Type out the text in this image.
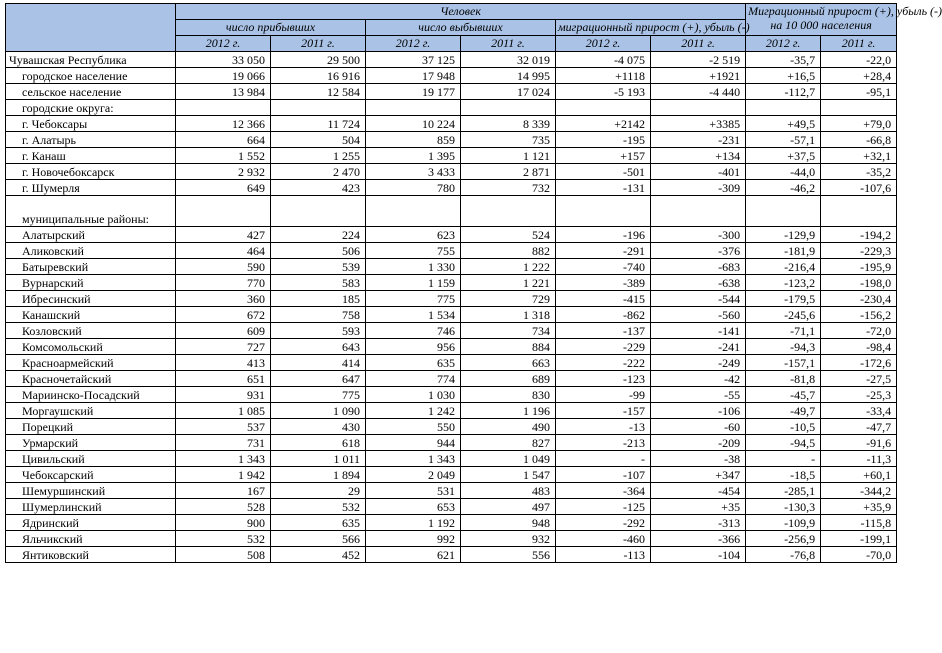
	Человек						Миграционный прирост (+), убыль (-)
на 10 000 населения	
	число прибывших		число выбывших		миграционный прирост (+), убыль (-)			
	2012 г.	2011 г.	2012 г.	2011 г.	2012 г.	2011 г.	2012 г.	2011 г.
Чувашская Республика	33 050	29 500	37 125	32 019	-4 075	-2 519	-35,7	-22,0
городское население	19 066	16 916	17 948	14 995	+1118	+1921	+16,5	+28,4
сельское население	13 984	12 584	19 177	17 024	-5 193	-4 440	-112,7	-95,1
городские округа:								
г. Чебоксары	12 366	11 724	10 224	8 339	+2142	+3385	+49,5	+79,0
г. Алатырь	664	504	859	735	-195	-231	-57,1	-66,8
г. Канаш	1 552	1 255	1 395	1 121	+157	+134	+37,5	+32,1
г. Новочебоксарск	2 932	2 470	3 433	2 871	-501	-401	-44,0	-35,2
г. Шумерля	649	423	780	732	-131	-309	-46,2	-107,6
муниципальные районы:								
Алатырский	427	224	623	524	-196	-300	-129,9	-194,2
Аликовский	464	506	755	882	-291	-376	-181,9	-229,3
Батыревский	590	539	1 330	1 222	-740	-683	-216,4	-195,9
Вурнарский	770	583	1 159	1 221	-389	-638	-123,2	-198,0
Ибресинский	360	185	775	729	-415	-544	-179,5	-230,4
Канашский	672	758	1 534	1 318	-862	-560	-245,6	-156,2
Козловский	609	593	746	734	-137	-141	-71,1	-72,0
Комсомольский	727	643	956	884	-229	-241	-94,3	-98,4
Красноармейский	413	414	635	663	-222	-249	-157,1	-172,6
Красночетайский	651	647	774	689	-123	-42	-81,8	-27,5
Мариинско-Посадский	931	775	1 030	830	-99	-55	-45,7	-25,3
Моргаушский	1 085	1 090	1 242	1 196	-157	-106	-49,7	-33,4
Порецкий	537	430	550	490	-13	-60	-10,5	-47,7
Урмарский	731	618	944	827	-213	-209	-94,5	-91,6
Цивильский	1 343	1 011	1 343	1 049	-	-38	-	-11,3
Чебоксарский	1 942	1 894	2 049	1 547	-107	+347	-18,5	+60,1
Шемуршинский	167	29	531	483	-364	-454	-285,1	-344,2
Шумерлинский	528	532	653	497	-125	+35	-130,3	+35,9
Ядринский	900	635	1 192	948	-292	-313	-109,9	-115,8
Яльчикский	532	566	992	932	-460	-366	-256,9	-199,1
Янтиковский	508	452	621	556	-113	-104	-76,8	-70,0
